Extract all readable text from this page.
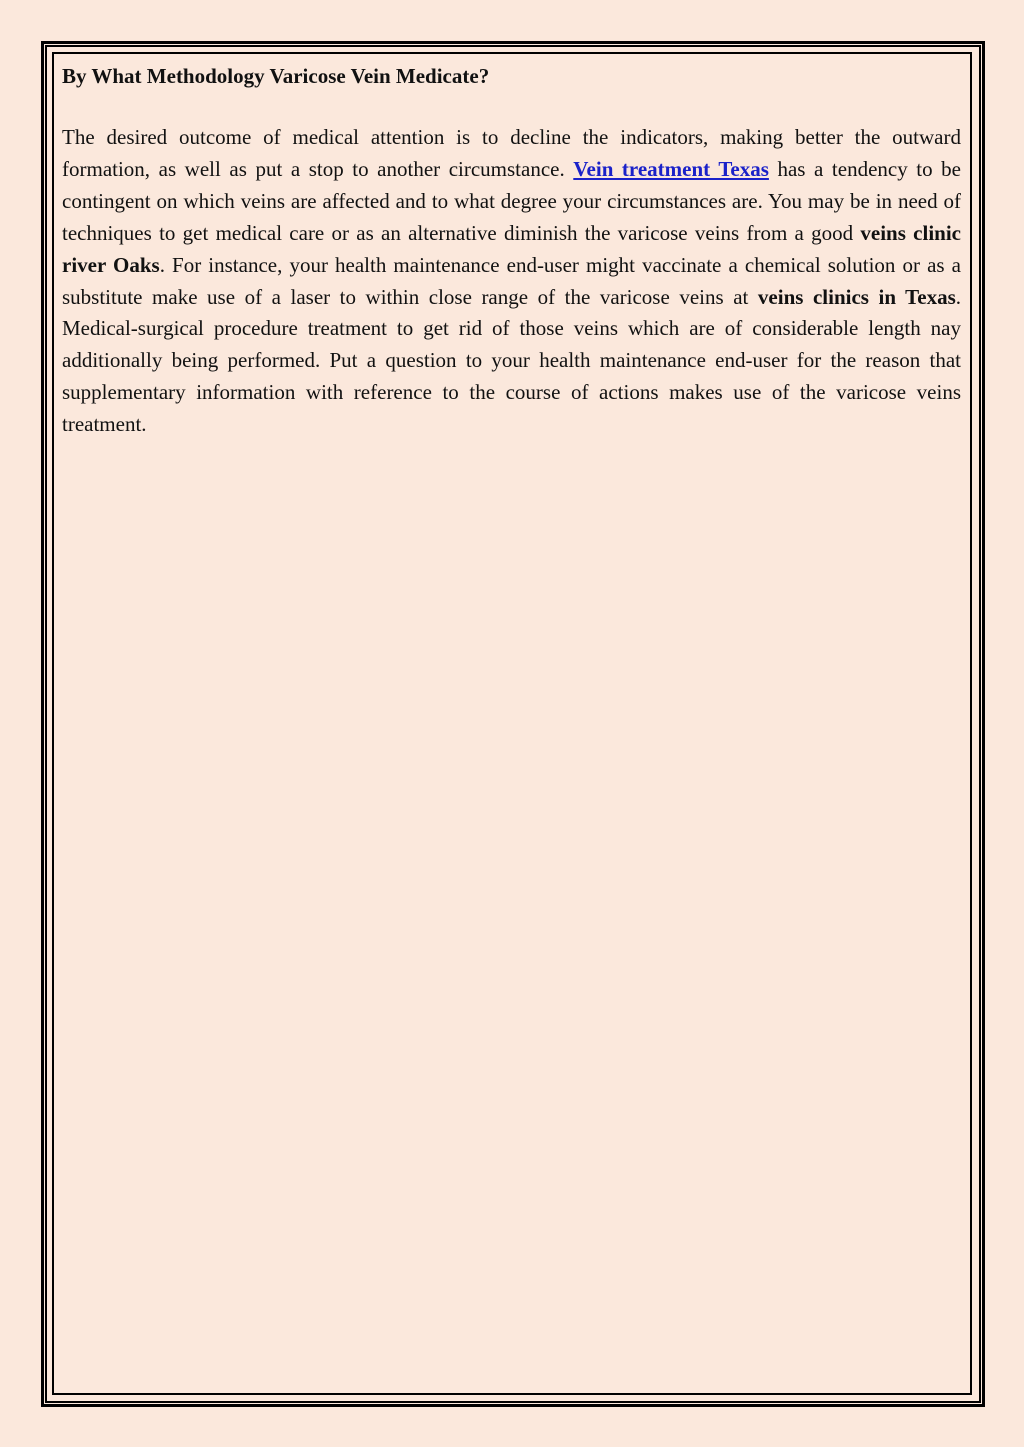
By What Methodology Varicose Vein Medicate?

The desired outcome of medical attention is to decline the indicators, making better the outward formation, as well as put a stop to another circumstance. Vein treatment Texas has a tendency to be contingent on which veins are affected and to what degree your circumstances are. You may be in need of techniques to get medical care or as an alternative diminish the varicose veins from a good veins clinic river Oaks. For instance, your health maintenance end-user might vaccinate a chemical solution or as a substitute make use of a laser to within close range of the varicose veins at veins clinics in Texas. Medical-surgical procedure treatment to get rid of those veins which are of considerable length nay additionally being performed. Put a question to your health maintenance end-user for the reason that supplementary information with reference to the course of actions makes use of the varicose veins treatment.
